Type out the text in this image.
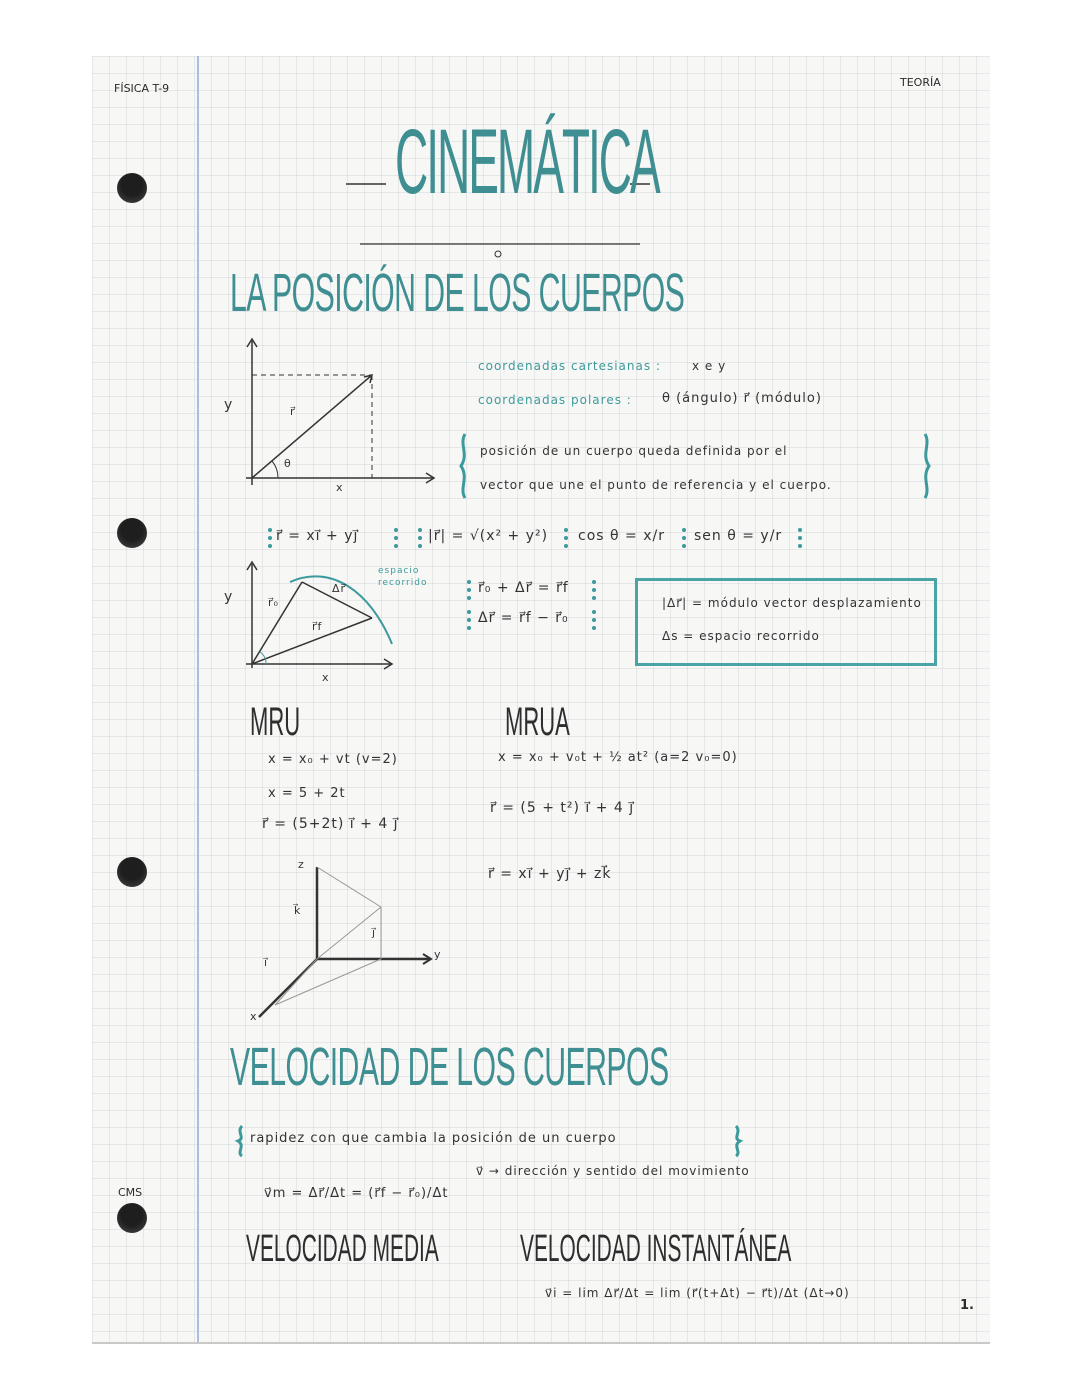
FÍSICA T-9	TEORÍA
CMS
1.
CINEMÁTICA
LA POSICIÓN DE LOS CUERPOS
y
x
θ
r⃗
coordenadas cartesianas :	x e y
coordenadas polares : θ (ángulo) r⃗ (módulo)
posición de un cuerpo queda definida por el
vector que une el punto de referencia y el cuerpo.
r⃗ = xi⃗ + yj⃗	|r⃗| = √(x² + y²) cos θ = x/r sen θ = y/r
y
x
r⃗₀
r⃗f
Δr⃗
espacio
recorrido	r⃗₀ + Δr⃗ = r⃗f
Δr⃗ = r⃗f − r⃗₀
|Δr⃗| = módulo vector desplazamiento
Δs = espacio recorrido
MRU
x = x₀ + vt (v=2)
x = 5 + 2t
r⃗ = (5+2t) i⃗ + 4 j⃗
MRUA
x = x₀ + v₀t + ½ at² (a=2 v₀=0)
r⃗ = (5 + t²) i⃗ + 4 j⃗
r⃗ = xi⃗ + yj⃗ + zk⃗
z
y
x
k⃗
i⃗
j⃗
VELOCIDAD DE LOS CUERPOS
rapidez con que cambia la posición de un cuerpo
v⃗ → dirección y sentido del movimiento
v⃗m = Δr⃗/Δt = (r⃗f − r⃗₀)/Δt
VELOCIDAD MEDIA VELOCIDAD INSTANTÁNEA
v⃗i = lim Δr⃗/Δt = lim (r⃗(t+Δt) − r⃗t)/Δt (Δt→0)
